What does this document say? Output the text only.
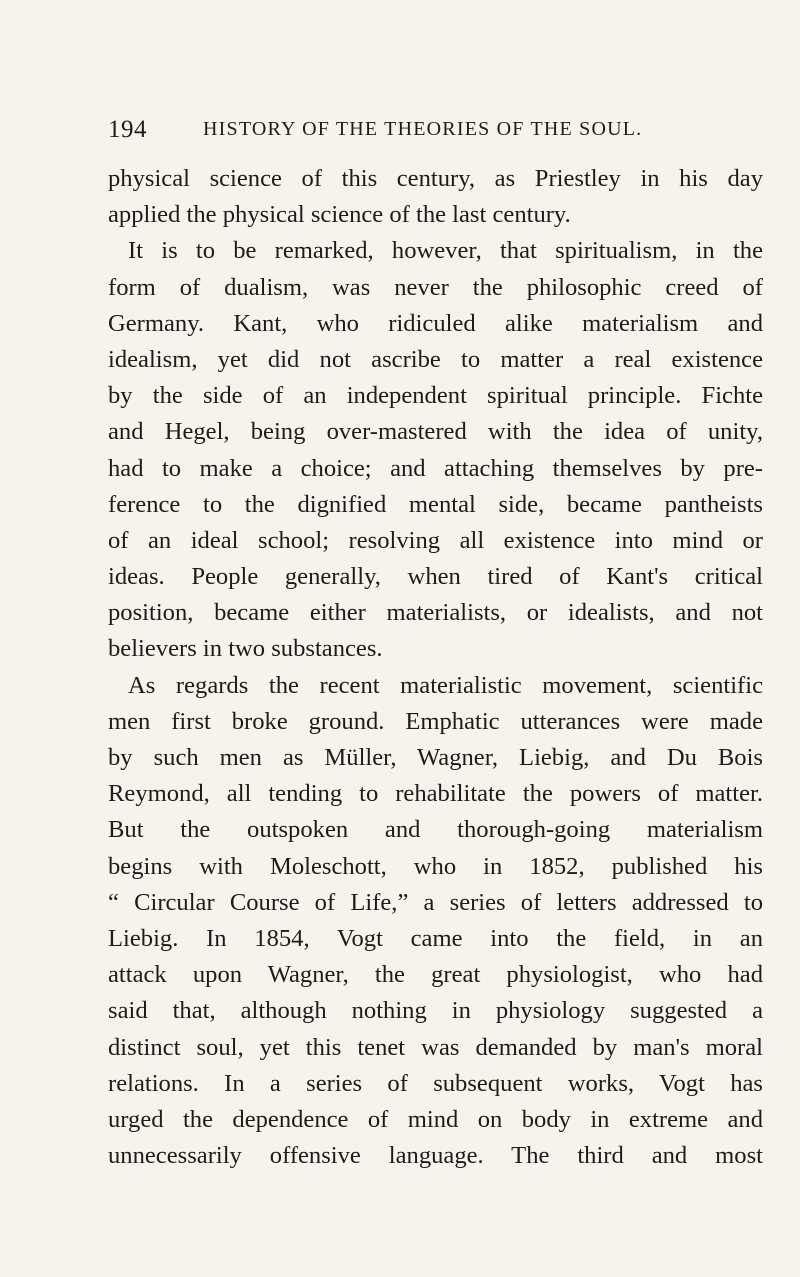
194	HISTORY OF THE THEORIES OF THE SOUL.
physical science of this century, as Priestley in his day
applied the physical science of the last century.
It is to be remarked, however, that spiritualism, in the
form of dualism, was never the philosophic creed of
Germany. Kant, who ridiculed alike materialism and
idealism, yet did not ascribe to matter a real existence
by the side of an independent spiritual principle. Fichte
and Hegel, being over-mastered with the idea of unity,
had to make a choice; and attaching themselves by pre-
ference to the dignified mental side, became pantheists
of an ideal school; resolving all existence into mind or
ideas. People generally, when tired of Kant's critical
position, became either materialists, or idealists, and not
believers in two substances.
As regards the recent materialistic movement, scientific
men first broke ground. Emphatic utterances were made
by such men as Müller, Wagner, Liebig, and Du Bois
Reymond, all tending to rehabilitate the powers of matter.
But the outspoken and thorough-going materialism
begins with Moleschott, who in 1852, published his
“ Circular Course of Life,” a series of letters addressed to
Liebig. In 1854, Vogt came into the field, in an
attack upon Wagner, the great physiologist, who had
said that, although nothing in physiology suggested a
distinct soul, yet this tenet was demanded by man's moral
relations. In a series of subsequent works, Vogt has
urged the dependence of mind on body in extreme and
unnecessarily offensive language. The third and most
